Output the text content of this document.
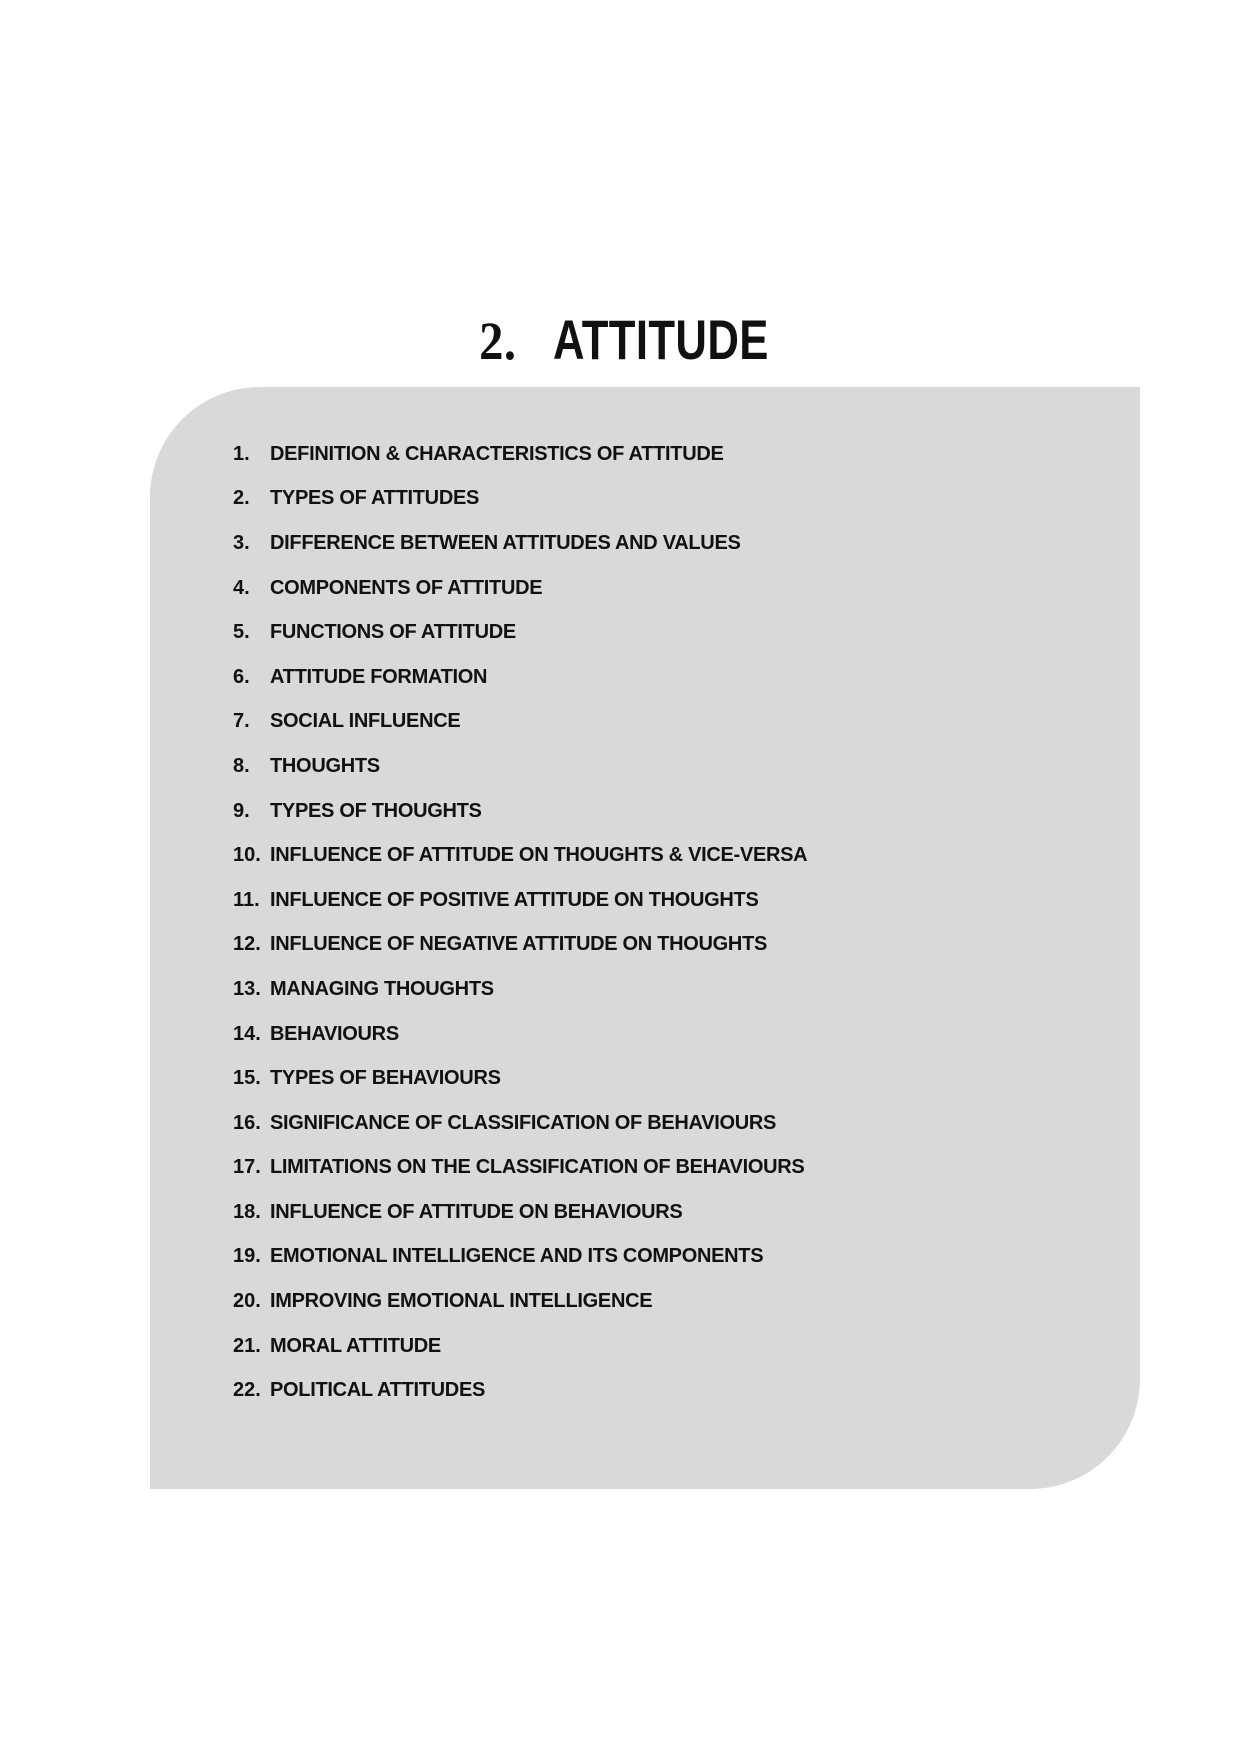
2. ATTITUDE
1.	DEFINITION & CHARACTERISTICS OF ATTITUDE
2.	TYPES OF ATTITUDES
3.	DIFFERENCE BETWEEN ATTITUDES AND VALUES
4.	COMPONENTS OF ATTITUDE
5.	FUNCTIONS OF ATTITUDE
6.	ATTITUDE FORMATION
7.	SOCIAL INFLUENCE
8.	THOUGHTS
9.	TYPES OF THOUGHTS
10. INFLUENCE OF ATTITUDE ON THOUGHTS & VICE-VERSA
11. INFLUENCE OF POSITIVE ATTITUDE ON THOUGHTS
12. INFLUENCE OF NEGATIVE ATTITUDE ON THOUGHTS
13. MANAGING THOUGHTS
14. BEHAVIOURS
15. TYPES OF BEHAVIOURS
16. SIGNIFICANCE OF CLASSIFICATION OF BEHAVIOURS
17. LIMITATIONS ON THE CLASSIFICATION OF BEHAVIOURS
18. INFLUENCE OF ATTITUDE ON BEHAVIOURS
19. EMOTIONAL INTELLIGENCE AND ITS COMPONENTS
20. IMPROVING EMOTIONAL INTELLIGENCE
21. MORAL ATTITUDE
22. POLITICAL ATTITUDES
